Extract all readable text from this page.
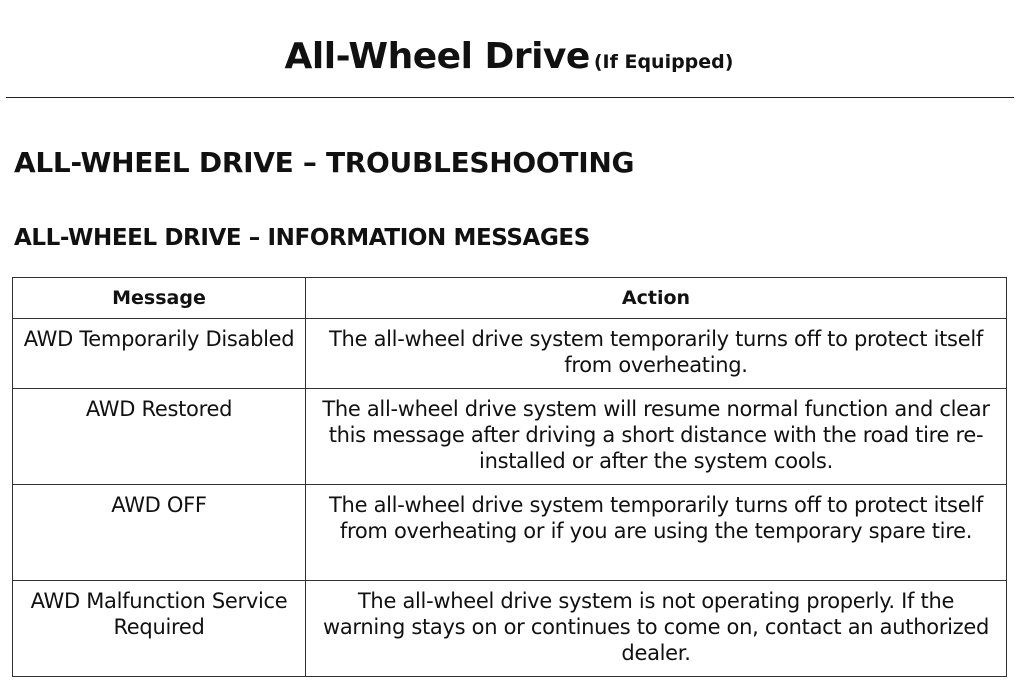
All-Wheel Drive (If Equipped)
ALL-WHEEL DRIVE – TROUBLESHOOTING
ALL-WHEEL DRIVE – INFORMATION MESSAGES
Message	Action
AWD Temporarily Disabled	The all-wheel drive system temporarily turns off to protect itself from overheating.
AWD Restored	The all-wheel drive system will resume normal function and clear this message after driving a short distance with the road tire re-installed or after the system cools.
AWD OFF	The all-wheel drive system temporarily turns off to protect itself from overheating or if you are using the temporary spare tire.
AWD Malfunction Service Required	The all-wheel drive system is not operating properly. If the warning stays on or continues to come on, contact an authorized dealer.
